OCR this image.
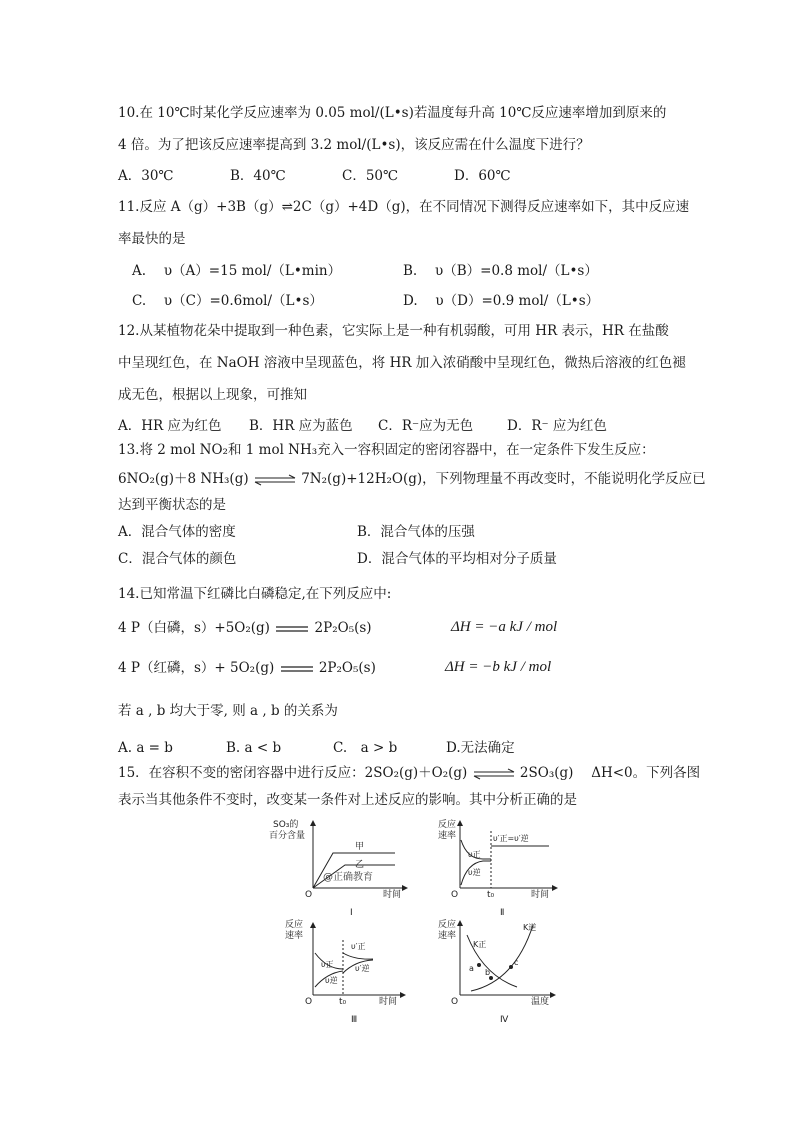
10.在 10℃时某化学反应速率为 0.05 mol/(L•s)若温度每升高 10℃反应速率增加到原来的
4 倍。为了把该反应速率提高到 3.2 mol/(L•s)，该反应需在什么温度下进行？
A．30℃	B．40℃	C．50℃	D．60℃
11.反应 A（g）+3B（g）⇌2C（g）+4D（g)，在不同情况下测得反应速率如下，其中反应速
率最快的是
A.　 υ（A）=15 mol/（L•min）	B.　 υ（B）=0.8 mol/（L•s）
C.　 υ（C）=0.6mol/（L•s）	D.　 υ（D）=0.9 mol/（L•s）
12.从某植物花朵中提取到一种色素，它实际上是一种有机弱酸，可用 HR 表示，HR 在盐酸
中呈现红色，在 NaOH 溶液中呈现蓝色，将 HR 加入浓硝酸中呈现红色，微热后溶液的红色褪
成无色，根据以上现象，可推知
A．HR 应为红色 B．HR 应为蓝色 C．R⁻应为无色	D．R⁻ 应为红色
13.将 2 mol NO₂和 1 mol NH₃充入一容积固定的密闭容器中，在一定条件下发生反应：
6NO₂(g)＋8 NH₃(g) ⇌ 7N₂(g)+12H₂O(g)，下列物理量不再改变时，不能说明化学反应已
达到平衡状态的是
A．混合气体的密度	B．混合气体的压强
C．混合气体的颜色	D．混合气体的平均相对分子质量
14.已知常温下红磷比白磷稳定,在下列反应中:
4 P（白磷，s）+5O₂(g)	2P₂O₅(s)	ΔH = −a kJ / mol
4 P（红磷，s）+ 5O₂(g)	2P₂O₅(s)	ΔH = −b kJ / mol
若 a , b 均大于零, 则 a , b 的关系为
A. a = b	B. a < b	C.　a > b	D.无法确定
15．在容积不变的密闭容器中进行反应：2SO₂(g)＋O₂(g) ⇌ 2SO₃(g)　 ΔH<0。下列各图
表示当其他条件不变时，改变某一条件对上述反应的影响。其中分析正确的是
SO₃的
百分含量
O	时间
甲
乙
@正确教育
Ⅰ
反应
速率
O	时间
υ正
υ逆
υ′正=υ′逆
t₀
Ⅱ
反应
速率
O	时间
υ正
υ逆
υ′正
υ′逆
t₀
Ⅲ
反应
速率
O	温度
K正
K逆
a b
c
Ⅳ
